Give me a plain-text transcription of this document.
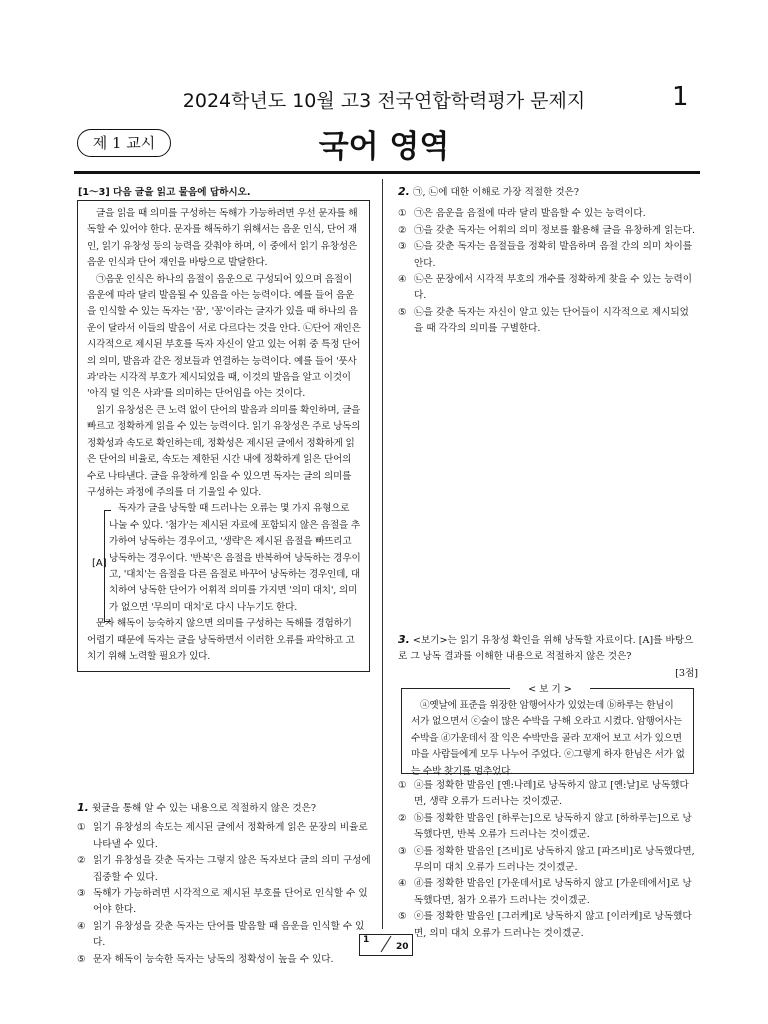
2024학년도 10월 고3 전국연합학력평가 문제지	1
제 1 교시	국어 영역
[1～3] 다음 글을 읽고 물음에 답하시오.

글을 읽을 때 의미를 구성하는 독해가 가능하려면 우선 문자를 해독할 수 있어야 한다. 문자를 해독하기 위해서는 음운 인식, 단어 재인, 읽기 유창성 등의 능력을 갖춰야 하며, 이 중에서 읽기 유창성은 음운 인식과 단어 재인을 바탕으로 발달한다.

㉠음운 인식은 하나의 음절이 음운으로 구성되어 있으며 음절이 음운에 따라 달리 발음될 수 있음을 아는 능력이다. 예를 들어 음운을 인식할 수 있는 독자는 '꿈', '꽁'이라는 글자가 있을 때 하나의 음운이 달라서 이들의 발음이 서로 다르다는 것을 안다. ㉡단어 재인은 시각적으로 제시된 부호를 독자 자신이 알고 있는 어휘 중 특정 단어의 의미, 발음과 같은 정보들과 연결하는 능력이다. 예를 들어 '풋사과'라는 시각적 부호가 제시되었을 때, 이것의 발음을 알고 이것이 '아직 덜 익은 사과'를 의미하는 단어임을 아는 것이다.

읽기 유창성은 큰 노력 없이 단어의 발음과 의미를 확인하며, 글을 빠르고 정확하게 읽을 수 있는 능력이다. 읽기 유창성은 주로 낭독의 정확성과 속도로 확인하는데, 정확성은 제시된 글에서 정확하게 읽은 단어의 비율로, 속도는 제한된 시간 내에 정확하게 읽은 단어의 수로 나타낸다. 글을 유창하게 읽을 수 있으면 독자는 글의 의미를 구성하는 과정에 주의를 더 기울일 수 있다.

독자가 글을 낭독할 때 드러나는 오류는 몇 가지 유형으로 나눌 수 있다. '첨가'는 제시된 자료에 포함되지 않은 음절을 추가하여 낭독하는 경우이고, '생략'은 제시된 음절을 빠뜨리고 낭독하는 경우이다. '반복'은 음절을 반복하여 낭독하는 경우이고, '대치'는 음절을 다른 음절로 바꾸어 낭독하는 경우인데, 대치하여 낭독한 단어가 어휘적 의미를 가지면 '의미 대치', 의미가 없으면 '무의미 대치'로 다시 나누기도 한다.

문자 해독이 능숙하지 않으면 의미를 구성하는 독해를 경험하기 어렵기 때문에 독자는 글을 낭독하면서 이러한 오류를 파악하고 고치기 위해 노력할 필요가 있다.

[A]
2. ㉠, ㉡에 대한 이해로 가장 적절한 것은?
① ㉠은 음운을 음절에 따라 달리 발음할 수 있는 능력이다.
② ㉠을 갖춘 독자는 어휘의 의미 정보를 활용해 글을 유창하게 읽는다.
③ ㉡을 갖춘 독자는 음절들을 정확히 발음하며 음절 간의 의미 차이를 안다.
④ ㉡은 문장에서 시각적 부호의 개수를 정확하게 찾을 수 있는 능력이다.
⑤ ㉡을 갖춘 독자는 자신이 알고 있는 단어들이 시각적으로 제시되었을 때 각각의 의미를 구별한다.
3. <보기>는 읽기 유창성 확인을 위해 낭독할 자료이다. [A]를 바탕으로 그 낭독 결과를 이해한 내용으로 적절하지 않은 것은?
[3점]
ⓐ옛날에 표준을 위장한 암행어사가 있었는데 ⓑ하루는 한님이 서가 없으면서 ⓒ술이 많은 수박을 구해 오라고 시켰다. 암행어사는 수박을 ⓓ가운데서 잘 익은 수박만을 골라 꼬재어 보고 서가 있으면 마을 사람들에게 모두 나누어 주었다. ⓔ그렇게 하자 한님은 서가 없는 수박 찾기를 멈추었다.
< 보 기 >
① ⓐ를 정확한 발음인 [옌:나레]로 낭독하지 않고 [옌:날]로 낭독했다면, 생략 오류가 드러나는 것이겠군.
② ⓑ를 정확한 발음인 [하루는]으로 낭독하지 않고 [하하루는]으로 낭독했다면, 반복 오류가 드러나는 것이겠군.
③ ⓒ를 정확한 발음인 [즈비]로 낭독하지 않고 [파즈비]로 낭독했다면, 무의미 대치 오류가 드러나는 것이겠군.
④ ⓓ를 정확한 발음인 [가운데서]로 낭독하지 않고 [가운데에서]로 낭독했다면, 첨가 오류가 드러나는 것이겠군.
⑤ ⓔ를 정확한 발음인 [그러케]로 낭독하지 않고 [이러케]로 낭독했다면, 의미 대치 오류가 드러나는 것이겠군.
1. 윗글을 통해 알 수 있는 내용으로 적절하지 않은 것은?
① 읽기 유창성의 속도는 제시된 글에서 정확하게 읽은 문장의 비율로 나타낼 수 있다.
② 읽기 유창성을 갖춘 독자는 그렇지 않은 독자보다 글의 의미 구성에 집중할 수 있다.
③ 독해가 가능하려면 시각적으로 제시된 부호를 단어로 인식할 수 있어야 한다.
④ 읽기 유창성을 갖춘 독자는 단어를 발음할 때 음운을 인식할 수 있다.
⑤ 문자 해독이 능숙한 독자는 낭독의 정확성이 높을 수 있다.
1
20
